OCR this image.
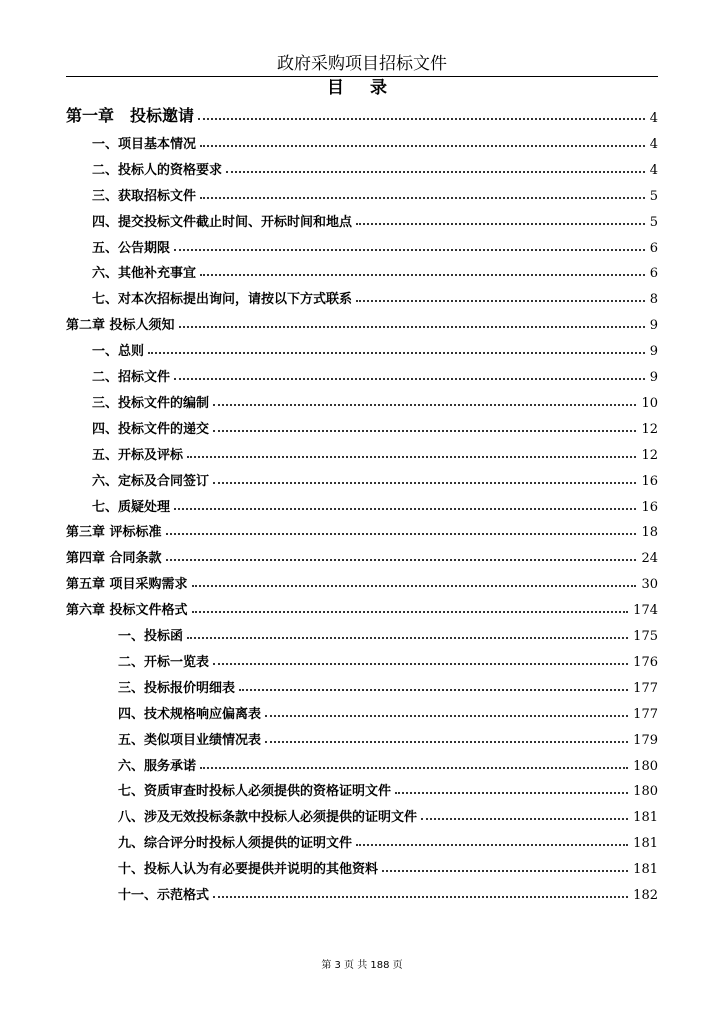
政府采购项目招标文件
目 录
第一章　投标邀请	4
一、项目基本情况	4
二、投标人的资格要求	4
三、获取招标文件	5
四、提交投标文件截止时间、开标时间和地点	5
五、公告期限	6
六、其他补充事宜	6
七、对本次招标提出询问，请按以下方式联系	8
第二章 投标人须知	9
一、总则	9
二、招标文件	9
三、投标文件的编制	10
四、投标文件的递交	12
五、开标及评标	12
六、定标及合同签订	16
七、质疑处理	16
第三章 评标标准	18
第四章 合同条款	24
第五章 项目采购需求	30
第六章 投标文件格式	174
一、投标函	175
二、开标一览表	176
三、投标报价明细表	177
四、技术规格响应偏离表	177
五、类似项目业绩情况表	179
六、服务承诺	180
七、资质审查时投标人必须提供的资格证明文件	180
八、涉及无效投标条款中投标人必须提供的证明文件	181
九、综合评分时投标人须提供的证明文件	181
十、投标人认为有必要提供并说明的其他资料	181
十一、示范格式	182
第 3 页 共 188 页
